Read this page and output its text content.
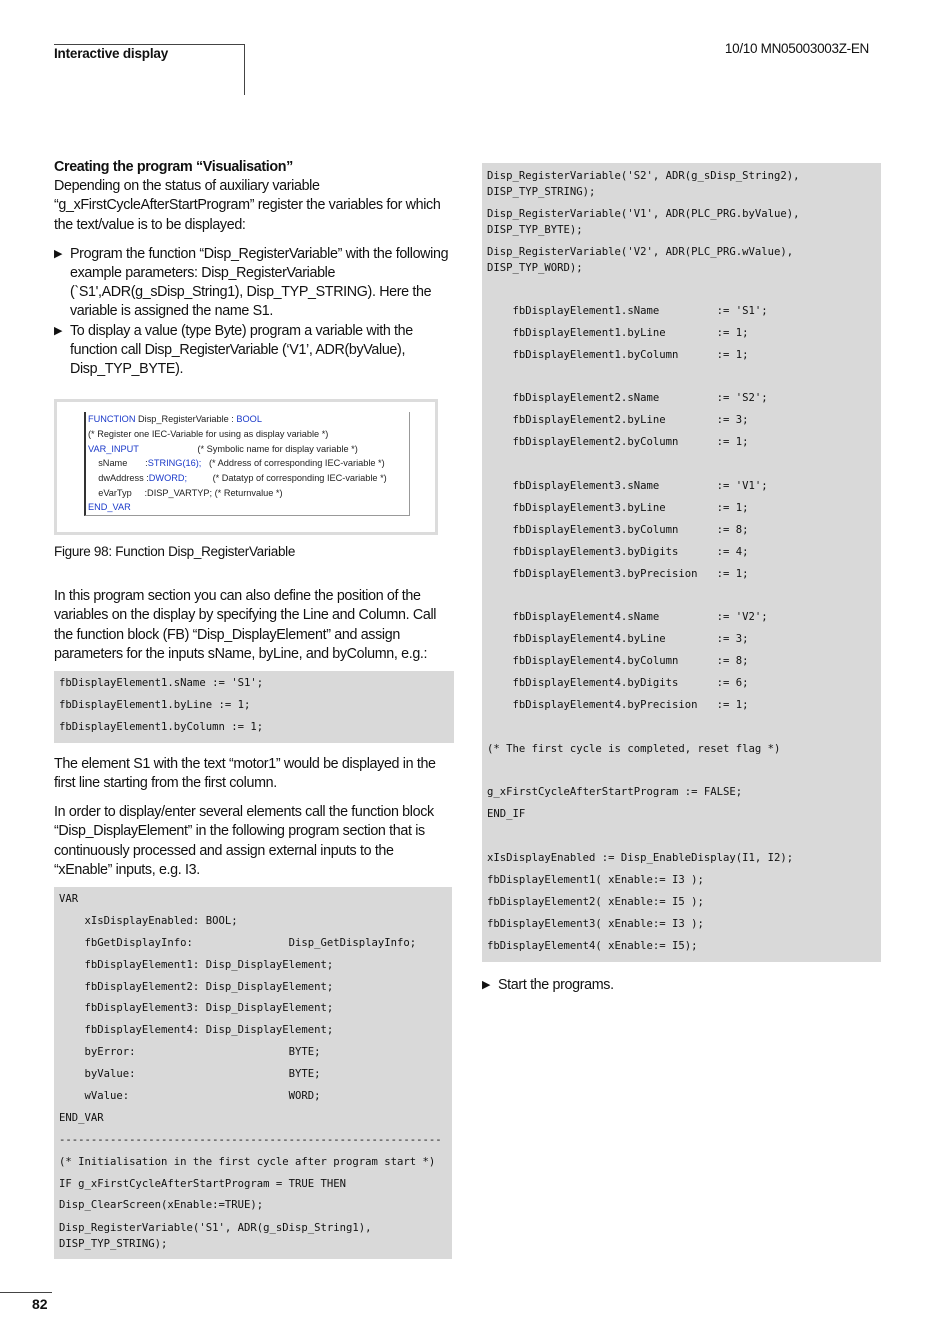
Interactive display	10/10 MN05003003Z-EN

Creating the program “Visualisation”

Depending on the status of auxiliary variable “g_xFirstCycleAfterStartProgram” register the variables for which the text/value is to be displayed:

▶ Program the function “Disp_RegisterVariable” with the following example parameters: Disp_RegisterVariable (`S1',ADR(g_sDisp_String1), Disp_TYP_STRING). Here the variable is assigned the name S1.
▶ To display a value (type Byte) program a variable with the function call Disp_RegisterVariable (‘V1’, ADR(byValue), Disp_TYP_BYTE).
FUNCTION Disp_RegisterVariable : BOOL
(* Register one IEC-Variable for using as display variable *)
VAR_INPUT                       (* Symbolic name for display variable *)
sName       :STRING(16);   (* Address of corresponding IEC-variable *)
dwAddress :DWORD;          (* Datatyp of corresponding IEC-variable *)
eVarTyp     :DISP_VARTYP; (* Returnvalue *)
END_VAR
Figure 98: Function Disp_RegisterVariable

In this program section you can also define the position of the variables on the display by specifying the Line and Column. Call the function block (FB) “Disp_DisplayElement” and assign parameters for the inputs sName, byLine, and byColumn, e.g.:

fbDisplayElement1.sName := 'S1';
fbDisplayElement1.byLine := 1;
fbDisplayElement1.byColumn := 1;

The element S1 with the text “motor1” would be displayed in the first line starting from the first column.

In order to display/enter several elements call the function block “Disp_DisplayElement” in the following program section that is continuously processed and assign external inputs to the “xEnable” inputs, e.g. I3.

VAR
xIsDisplayEnabled: BOOL;
fbGetDisplayInfo:               Disp_GetDisplayInfo;
fbDisplayElement1: Disp_DisplayElement;
fbDisplayElement2: Disp_DisplayElement;
fbDisplayElement3: Disp_DisplayElement;
fbDisplayElement4: Disp_DisplayElement;
byError:                        BYTE;
byValue:                        BYTE;
wValue:                         WORD;
END_VAR
------------------------------------------------------------
(* Initialisation in the first cycle after program start *)
IF g_xFirstCycleAfterStartProgram = TRUE THEN
Disp_ClearScreen(xEnable:=TRUE);
Disp_RegisterVariable('S1', ADR(g_sDisp_String1),
DISP_TYP_STRING);
Disp_RegisterVariable('S2', ADR(g_sDisp_String2),
DISP_TYP_STRING);
Disp_RegisterVariable('V1', ADR(PLC_PRG.byValue),
DISP_TYP_BYTE);
Disp_RegisterVariable('V2', ADR(PLC_PRG.wValue),
DISP_TYP_WORD);
fbDisplayElement1.sName         := 'S1';
fbDisplayElement1.byLine        := 1;
fbDisplayElement1.byColumn      := 1;
fbDisplayElement2.sName         := 'S2';
fbDisplayElement2.byLine        := 3;
fbDisplayElement2.byColumn      := 1;
fbDisplayElement3.sName         := 'V1';
fbDisplayElement3.byLine        := 1;
fbDisplayElement3.byColumn      := 8;
fbDisplayElement3.byDigits      := 4;
fbDisplayElement3.byPrecision   := 1;
fbDisplayElement4.sName         := 'V2';
fbDisplayElement4.byLine        := 3;
fbDisplayElement4.byColumn      := 8;
fbDisplayElement4.byDigits      := 6;
fbDisplayElement4.byPrecision   := 1;
(* The first cycle is completed, reset flag *)
g_xFirstCycleAfterStartProgram := FALSE;
END_IF
xIsDisplayEnabled := Disp_EnableDisplay(I1, I2);
fbDisplayElement1( xEnable:= I3 );
fbDisplayElement2( xEnable:= I5 );
fbDisplayElement3( xEnable:= I3 );
fbDisplayElement4( xEnable:= I5);
▶ Start the programs.
82
